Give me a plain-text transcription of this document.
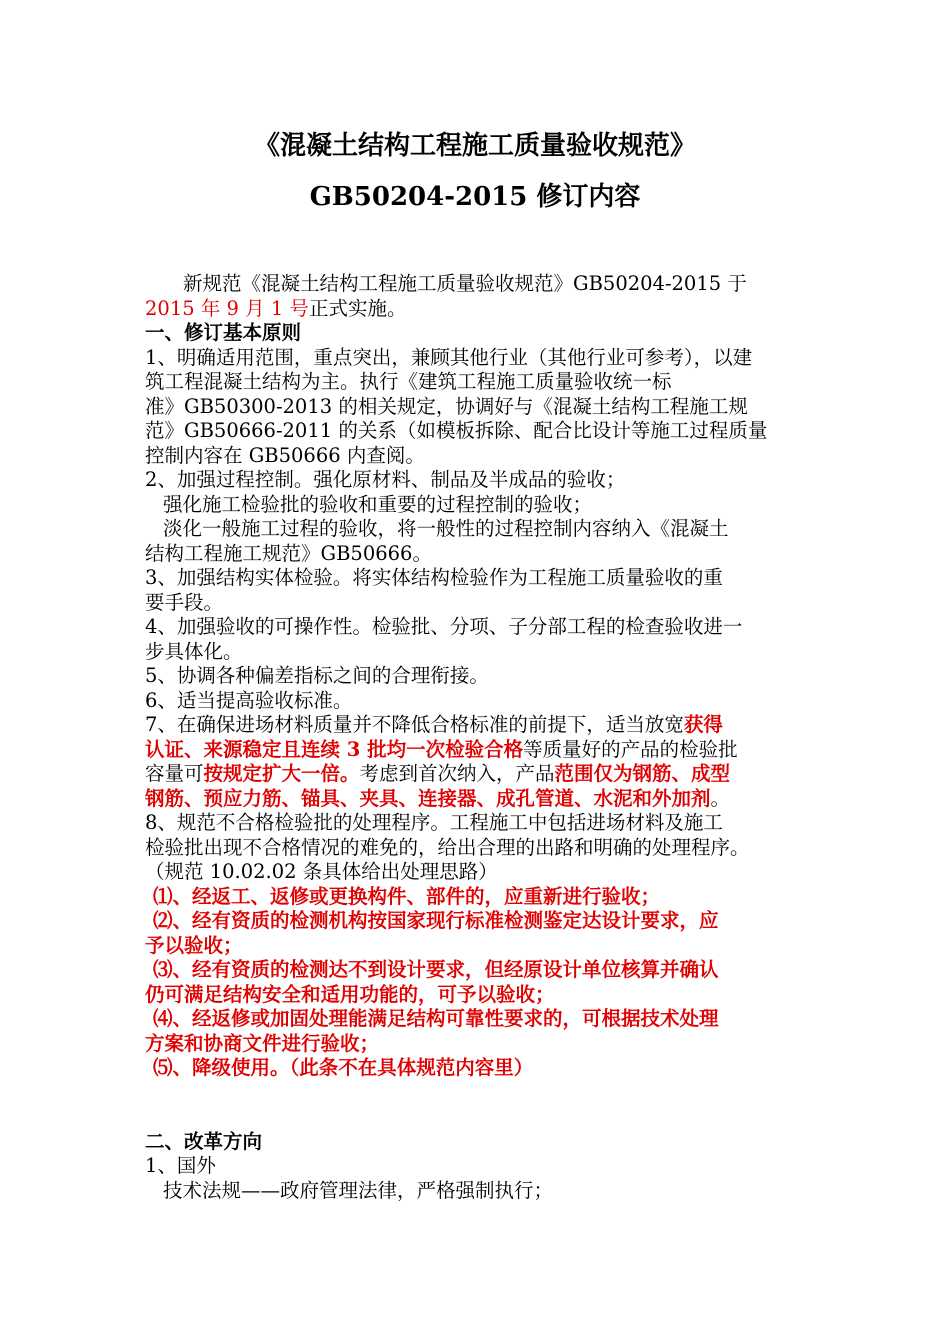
《混凝土结构工程施工质量验收规范》
GB50204-2015 修订内容
新规范《混凝土结构工程施工质量验收规范》GB50204-2015 于
2015 年 9 月 1 号正式实施。
一、修订基本原则
1、明确适用范围，重点突出，兼顾其他行业（其他行业可参考），以建
筑工程混凝土结构为主。执行《建筑工程施工质量验收统一标
准》GB50300-2013 的相关规定，协调好与《混凝土结构工程施工规
范》GB50666-2011 的关系（如模板拆除、配合比设计等施工过程质量
控制内容在 GB50666 内查阅。
2、加强过程控制。强化原材料、制品及半成品的验收；
强化施工检验批的验收和重要的过程控制的验收；
淡化一般施工过程的验收，将一般性的过程控制内容纳入《混凝土
结构工程施工规范》GB50666。
3、加强结构实体检验。将实体结构检验作为工程施工质量验收的重
要手段。
4、加强验收的可操作性。检验批、分项、子分部工程的检查验收进一
步具体化。
5、协调各种偏差指标之间的合理衔接。
6、适当提高验收标准。
7、在确保进场材料质量并不降低合格标准的前提下，适当放宽获得
认证、来源稳定且连续 3 批均一次检验合格等质量好的产品的检验批
容量可按规定扩大一倍。考虑到首次纳入，产品范围仅为钢筋、成型
钢筋、预应力筋、锚具、夹具、连接器、成孔管道、水泥和外加剂。
8、规范不合格检验批的处理程序。工程施工中包括进场材料及施工
检验批出现不合格情况的难免的，给出合理的出路和明确的处理程序。
（规范 10.02.02 条具体给出处理思路）
⑴、经返工、返修或更换构件、部件的，应重新进行验收；
⑵、经有资质的检测机构按国家现行标准检测鉴定达设计要求，应
予以验收；
⑶、经有资质的检测达不到设计要求，但经原设计单位核算并确认
仍可满足结构安全和适用功能的，可予以验收；
⑷、经返修或加固处理能满足结构可靠性要求的，可根据技术处理
方案和协商文件进行验收；
⑸、降级使用。（此条不在具体规范内容里）
二、改革方向
1、国外
技术法规——政府管理法律，严格强制执行；
